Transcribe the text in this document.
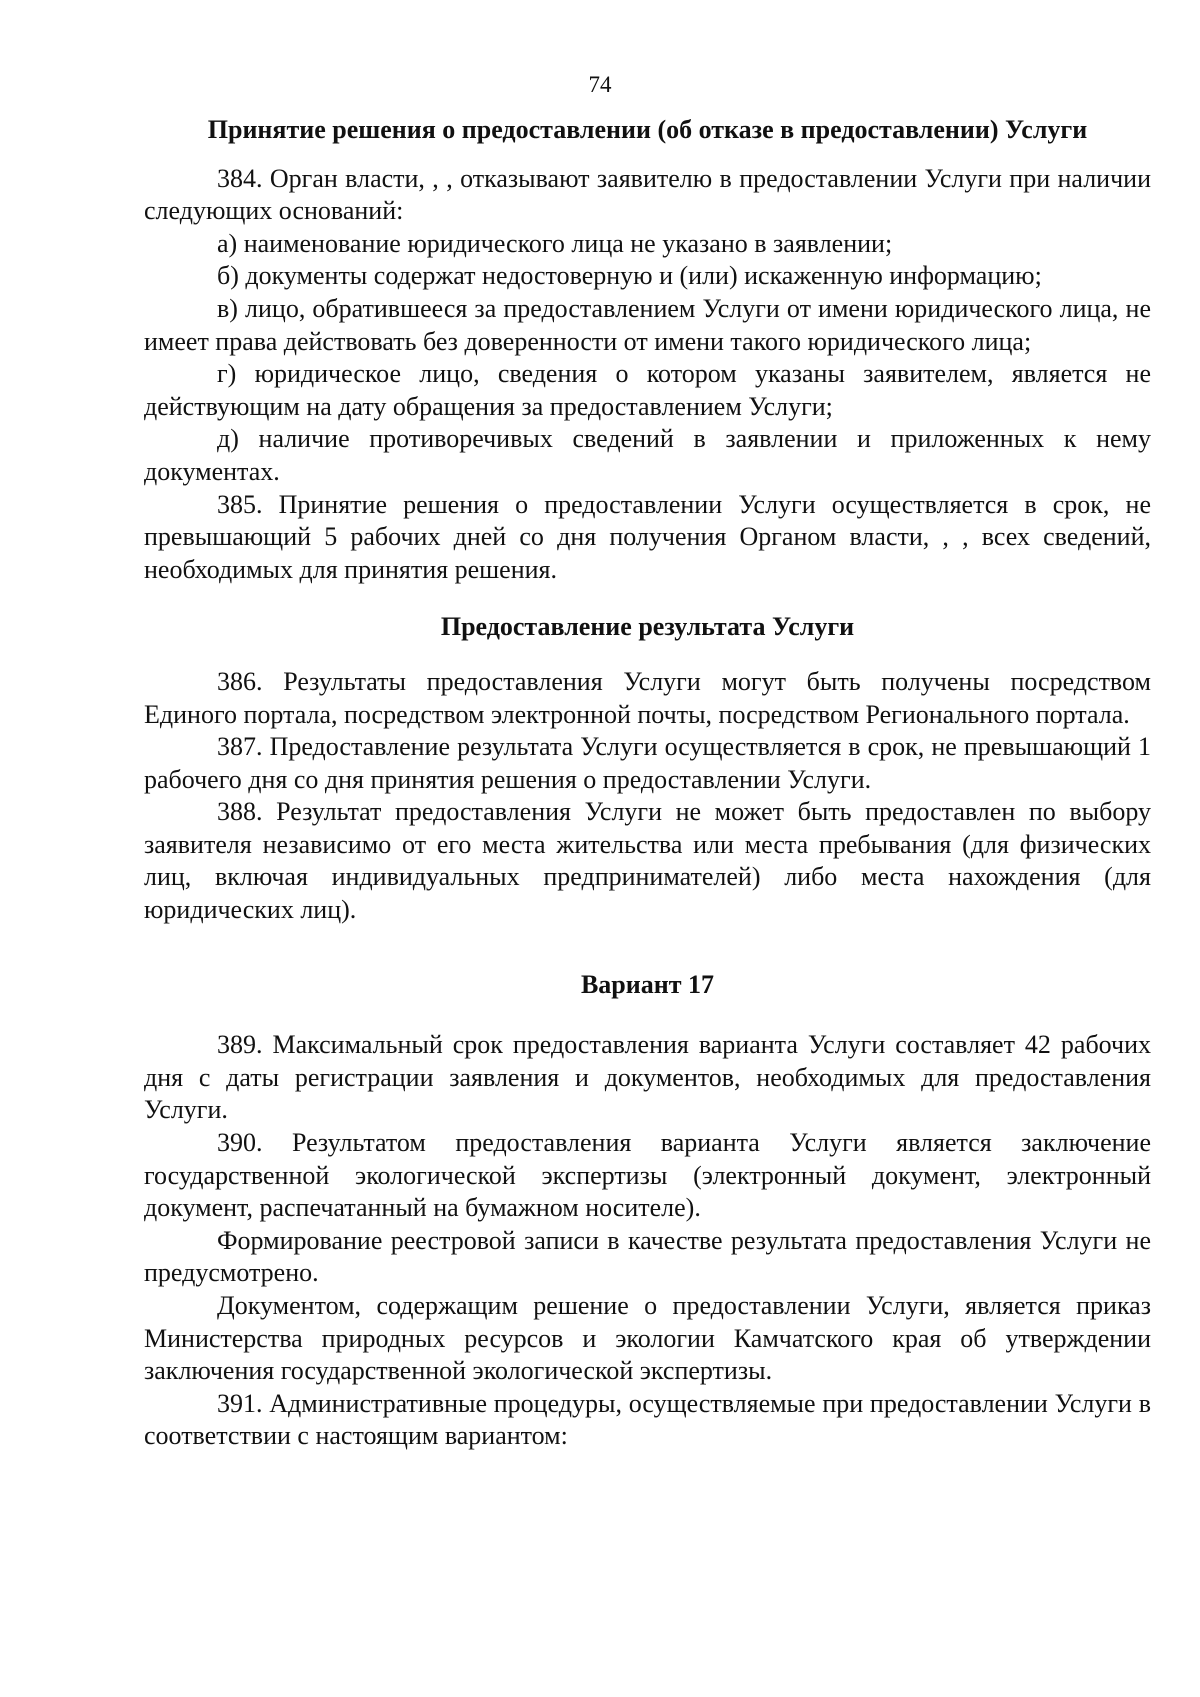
74

Принятие решения о предоставлении (об отказе в предоставлении) Услуги

384. Орган власти, , , отказывают заявителю в предоставлении Услуги при наличии следующих оснований:

а) наименование юридического лица не указано в заявлении;

б) документы содержат недостоверную и (или) искаженную информацию;

в) лицо, обратившееся за предоставлением Услуги от имени юридического лица, не имеет права действовать без доверенности от имени такого юридического лица;

г) юридическое лицо, сведения о котором указаны заявителем, является не действующим на дату обращения за предоставлением Услуги;

д) наличие противоречивых сведений в заявлении и приложенных к нему документах.

385. Принятие решения о предоставлении Услуги осуществляется в срок, не превышающий 5 рабочих дней со дня получения Органом власти, , , всех сведений, необходимых для принятия решения.

Предоставление результата Услуги

386. Результаты предоставления Услуги могут быть получены посредством Единого портала, посредством электронной почты, посредством Регионального портала.

387. Предоставление результата Услуги осуществляется в срок, не превышающий 1 рабочего дня со дня принятия решения о предоставлении Услуги.

388. Результат предоставления Услуги не может быть предоставлен по выбору заявителя независимо от его места жительства или места пребывания (для физических лиц, включая индивидуальных предпринимателей) либо места нахождения (для юридических лиц).

Вариант 17

389. Максимальный срок предоставления варианта Услуги составляет 42 рабочих дня с даты регистрации заявления и документов, необходимых для предоставления Услуги.

390. Результатом предоставления варианта Услуги является заключение государственной экологической экспертизы (электронный документ, электронный документ, распечатанный на бумажном носителе).

Формирование реестровой записи в качестве результата предоставления Услуги не предусмотрено.

Документом, содержащим решение о предоставлении Услуги, является приказ Министерства природных ресурсов и экологии Камчатского края об утверждении заключения государственной экологической экспертизы.

391. Административные процедуры, осуществляемые при предоставлении Услуги в соответствии с настоящим вариантом:
